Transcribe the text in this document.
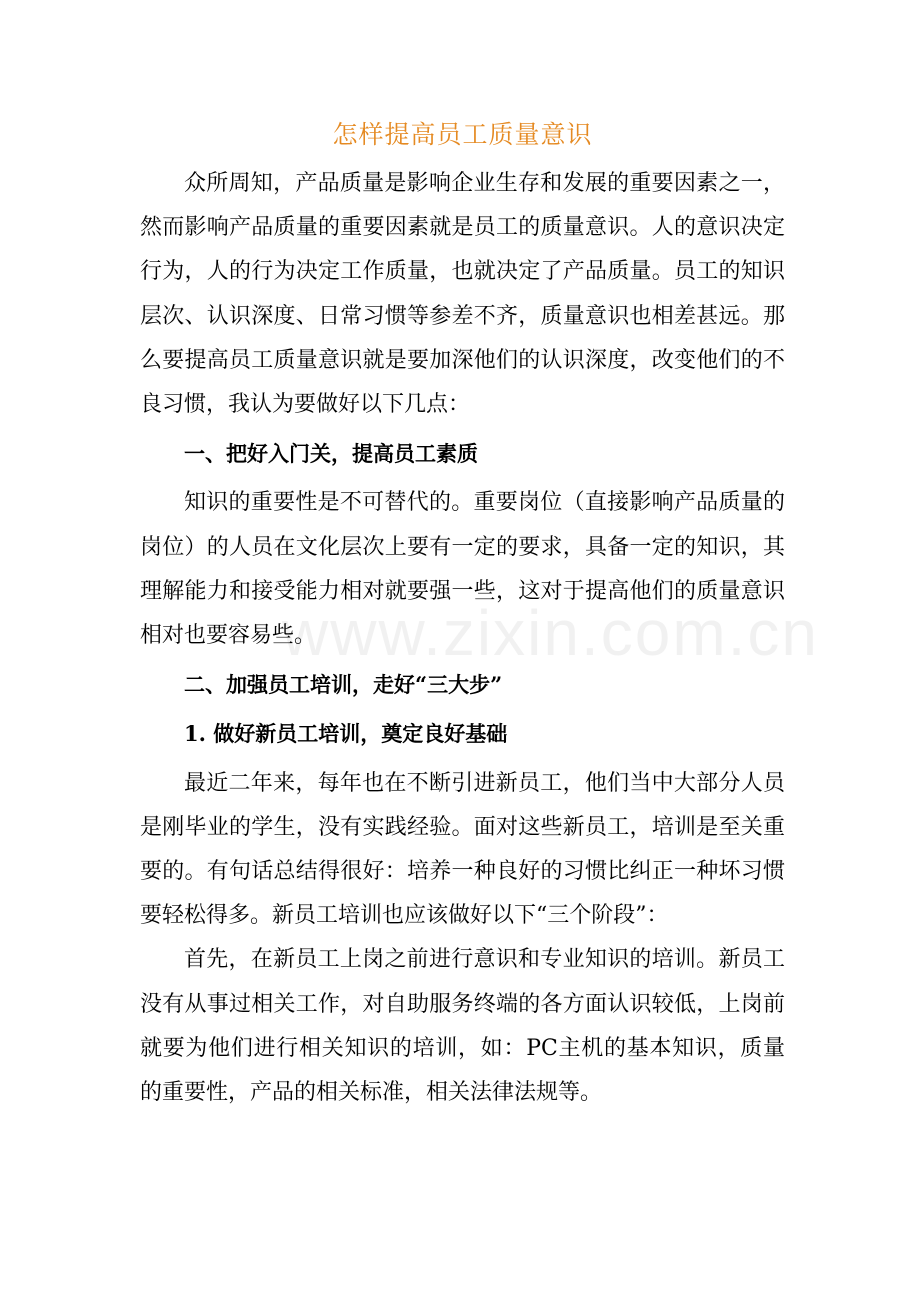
www.zixin.com.cn
怎样提高员工质量意识

众所周知，产品质量是影响企业生存和发展的重要因素之一，然而影响产品质量的重要因素就是员工的质量意识。人的意识决定行为，人的行为决定工作质量，也就决定了产品质量。员工的知识层次、认识深度、日常习惯等参差不齐，质量意识也相差甚远。那么要提高员工质量意识就是要加深他们的认识深度，改变他们的不良习惯，我认为要做好以下几点：

一、把好入门关，提高员工素质

知识的重要性是不可替代的。重要岗位（直接影响产品质量的岗位）的人员在文化层次上要有一定的要求，具备一定的知识，其理解能力和接受能力相对就要强一些，这对于提高他们的质量意识相对也要容易些。

二、加强员工培训，走好“三大步”

1. 做好新员工培训，奠定良好基础

最近二年来，每年也在不断引进新员工，他们当中大部分人员是刚毕业的学生，没有实践经验。面对这些新员工，培训是至关重要的。有句话总结得很好：培养一种良好的习惯比纠正一种坏习惯要轻松得多。新员工培训也应该做好以下“三个阶段”：

首先，在新员工上岗之前进行意识和专业知识的培训。新员工没有从事过相关工作，对自助服务终端的各方面认识较低，上岗前就要为他们进行相关知识的培训，如：PC主机的基本知识，质量的重要性，产品的相关标准，相关法律法规等。
